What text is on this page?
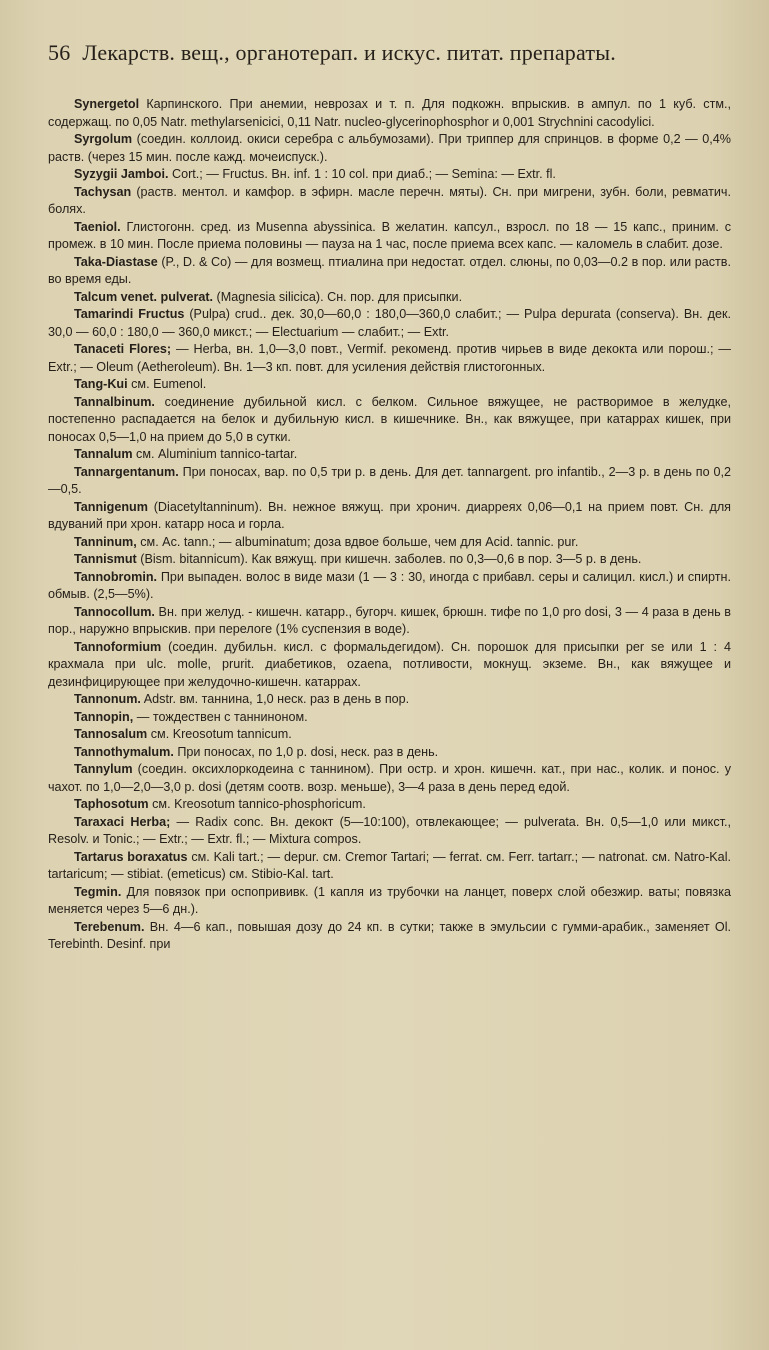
56 Лекарств. вещ., органотерап. и искус. питат. препараты.

Synergetol Карпинского. При анемии, неврозах и т. п. Для подкожн. впрыскив. в ампул. по 1 куб. стм., содержащ. по 0,05 Natr. methylarsenicici, 0,11 Natr. nucleo-glycerinophosphor и 0,001 Strychnini cacodylici.

Syrgolum (соедин. коллоид. окиси серебра с альбумозами). При триппер для спринцов. в форме 0,2 — 0,4% раств. (через 15 мин. после кажд. мочеиспуск.).

Syzygii Jamboi. Cort.; — Fructus. Вн. inf. 1 : 10 col. при диаб.; — Semina: — Extr. fl.

Tachysan (раств. ментол. и камфор. в эфирн. масле перечн. мяты). Сн. при мигрени, зубн. боли, ревматич. болях.

Taeniol. Глистогонн. сред. из Musenna abyssinica. В желатин. капсул., взросл. по 18 — 15 капс., приним. с промеж. в 10 мин. После приема половины — пауза на 1 час, после приема всех капс. — каломель в слабит. дозе.

Taka-Diastase (P., D. & Co) — для возмещ. птиалина при недостат. отдел. слюны, по 0,03—0.2 в пор. или раств. во время еды.

Talcum venet. pulverat. (Magnesia silicica). Сн. пор. для присыпки.

Tamarindi Fructus (Pulpa) crud.. дек. 30,0—60,0 : 180,0—360,0 слабит.; — Pulpa depurata (conserva). Вн. дек. 30,0 — 60,0 : 180,0 — 360,0 микст.; — Electuarium — слабит.; — Extr.

Tanaceti Flores; — Herba, вн. 1,0—3,0 повт., Vermif. рекоменд. против чирьев в виде декокта или порош.; — Extr.; — Oleum (Aetheroleum). Вн. 1—3 кп. повт. для усиления действія глистогонных.

Tang-Kui см. Eumenol.

Tannalbinum. соединение дубильной кисл. с белком. Сильное вяжущее, не растворимое в желудке, постепенно распадается на белок и дубильную кисл. в кишечнике. Вн., как вяжущее, при катаррах кишек, при поносах 0,5—1,0 на прием до 5,0 в сутки.

Tannalum см. Aluminium tannico-tartar.

Tannargentanum. При поносах, вар. по 0,5 три р. в день. Для дет. tannargent. pro infantib., 2—3 р. в день по 0,2—0,5.

Tannigenum (Diacetyltanninum). Вн. нежное вяжущ. при хронич. диарреях 0,06—0,1 на прием повт. Сн. для вдуваний при хрон. катарр носа и горла.

Tanninum, см. Ac. tann.; — albuminatum; доза вдвое больше, чем для Acid. tannic. pur.

Tannismut (Bism. bitannicum). Как вяжущ. при кишечн. заболев. по 0,3—0,6 в пор. 3—5 р. в день.

Tannobromin. При выпаден. волос в виде мази (1 — 3 : 30, иногда с прибавл. серы и салицил. кисл.) и спиртн. обмыв. (2,5—5%).

Tannocollum. Вн. при желуд. - кишечн. катарр., бугорч. кишек, брюшн. тифе по 1,0 pro dosi, 3 — 4 раза в день в пор., наружно впрыскив. при перелоге (1% суспензия в воде).

Tannoformium (соедин. дубильн. кисл. с формальдегидом). Сн. порошок для присыпки per se или 1 : 4 крахмала при ulc. molle, prurit. диабетиков, ozaena, потливости, мокнущ. экземе. Вн., как вяжущее и дезинфицирующее при желудочно-кишечн. катаррах.

Tannonum. Adstr. вм. таннина, 1,0 неск. раз в день в пор.

Tannopin, — тождествен с танниноном.

Tannosalum см. Kreosotum tannicum.

Tannothymalum. При поносах, по 1,0 р. dosi, неск. раз в день.

Tannylum (соедин. оксихлоркодеина с таннином). При остр. и хрон. кишечн. кат., при нас., колик. и понос. у чахот. по 1,0—2,0—3,0 р. dosi (детям соотв. возр. меньше), 3—4 раза в день перед едой.

Taphosotum см. Kreosotum tannico-phosphoricum.

Taraxaci Herba; — Radix conc. Вн. декокт (5—10:100), отвлекающее; — pulverata. Вн. 0,5—1,0 или микст., Resolv. и Tonic.; — Extr.; — Extr. fl.; — Mixtura compos.

Tartarus boraxatus см. Kali tart.; — depur. см. Cremor Tartari; — ferrat. см. Ferr. tartarr.; — natronat. см. Natro-Kal. tartaricum; — stibiat. (emeticus) см. Stibio-Kal. tart.

Tegmin. Для повязок при оспопрививк. (1 капля из трубочки на ланцет, поверх слой обезжир. ваты; повязка меняется через 5—6 дн.).

Terebenum. Вн. 4—6 кап., повышая дозу до 24 кп. в сутки; также в эмульсии с гумми-арабик., заменяет Ol. Terebinth. Desinf. при
